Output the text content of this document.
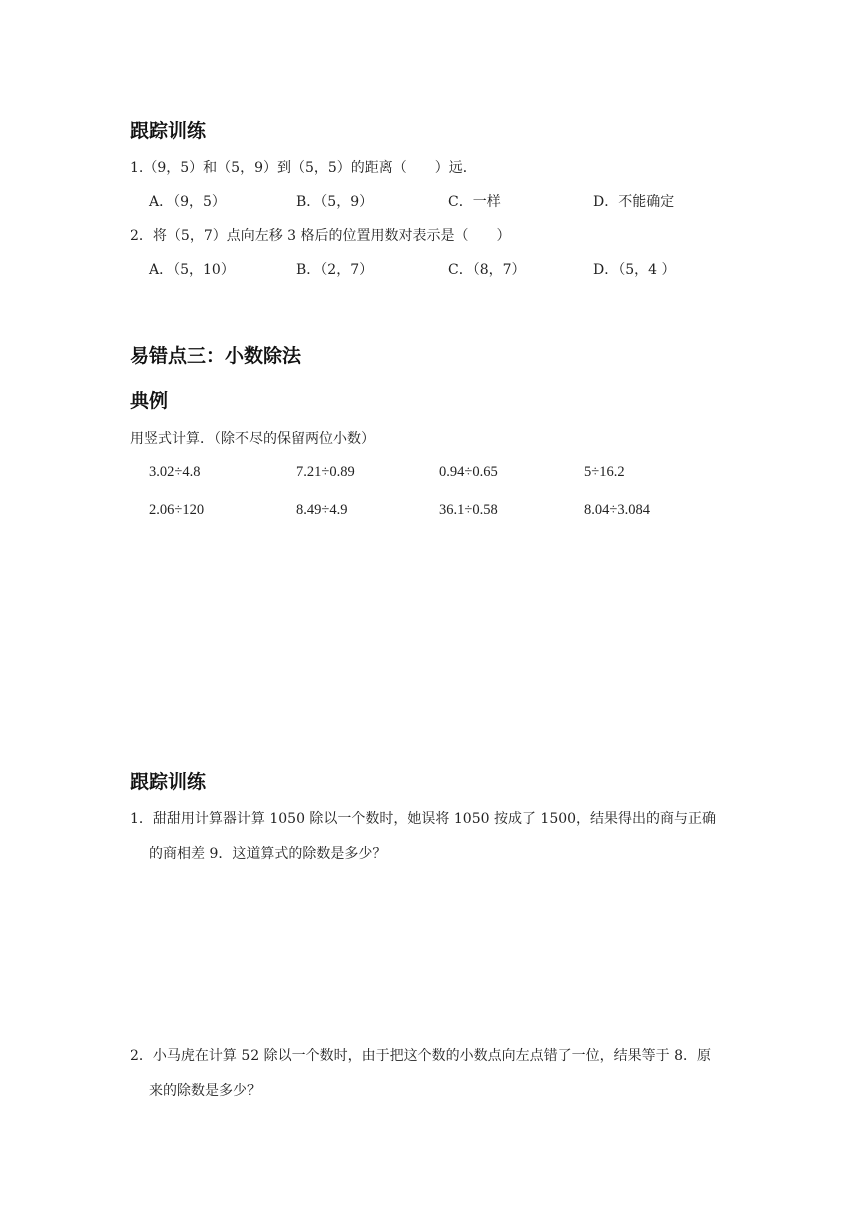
跟踪训练
1.（9，5）和（5，9）到（5，5）的距离（　　）远．
A．（9，5）	B．（5，9）	C．一样	D．不能确定
2．将（5，7）点向左移 3 格后的位置用数对表示是（　　）
A．（5，10）	B．（2，7）	C．（8，7）	D．（5，4 ）
易错点三：小数除法
典例
用竖式计算．（除不尽的保留两位小数）
3.02÷4.8	7.21÷0.89	0.94÷0.65	5÷16.2
2.06÷120	8.49÷4.9	36.1÷0.58	8.04÷3.084
跟踪训练
1．甜甜用计算器计算 1050 除以一个数时，她误将 1050 按成了 1500，结果得出的商与正确
的商相差 9．这道算式的除数是多少？
2．小马虎在计算 52 除以一个数时，由于把这个数的小数点向左点错了一位，结果等于 8．原
来的除数是多少？
